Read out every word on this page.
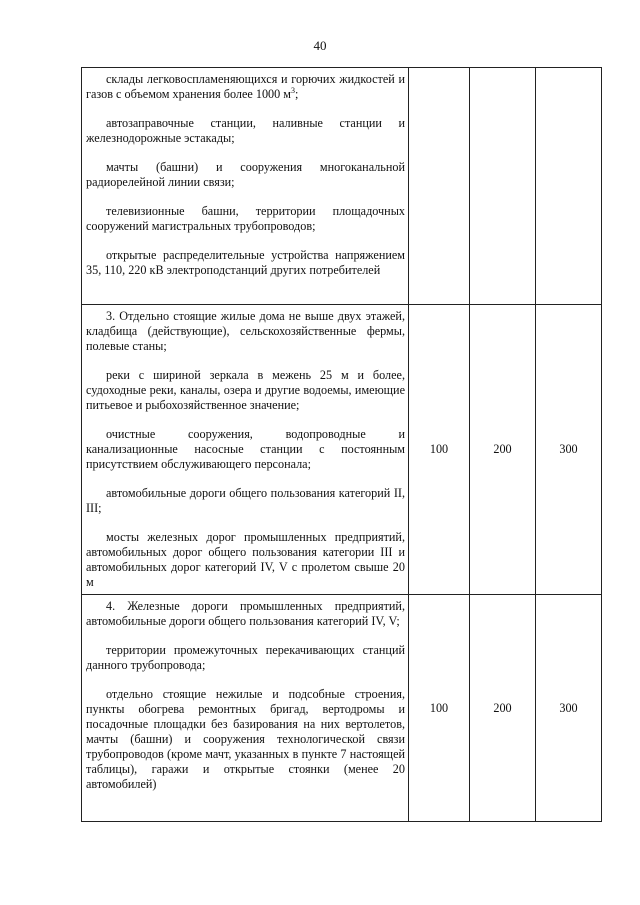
40

склады легковоспламеняющихся и горючих жидкостей и газов с объемом хранения более 1000 $м^3$;

автозаправочные станции, наливные станции и железнодорожные эстакады;

мачты (башни) и сооружения многоканальной радиорелейной линии связи;

телевизионные башни, территории площадочных сооружений магистральных трубопроводов;

открытые распределительные устройства напряжением 35, 110, 220 кВ электроподстанций других потребителей			

3. Отдельно стоящие жилые дома не выше двух этажей, кладбища (действующие), сельскохозяйственные фермы, полевые станы;

реки с шириной зеркала в межень 25 м и более, судоходные реки, каналы, озера и другие водоемы, имеющие питьевое и рыбохозяйственное значение;

очистные сооружения, водопроводные и канализационные насосные станции с постоянным присутствием обслуживающего персонала;

автомобильные дороги общего пользования категорий II, III;

мосты железных дорог промышленных предприятий, автомобильных дорог общего пользования категории III и автомобильных дорог категорий IV, V с пролетом свыше 20 м	100	200	300

4. Железные дороги промышленных предприятий, автомобильные дороги общего пользования категорий IV, V;

территории промежуточных перекачивающих станций данного трубопровода;

отдельно стоящие нежилые и подсобные строения, пункты обогрева ремонтных бригад, вертодромы и посадочные площадки без базирования на них вертолетов, мачты (башни) и сооружения технологической связи трубопроводов (кроме мачт, указанных в пункте 7 настоящей таблицы), гаражи и открытые стоянки (менее 20 автомобилей)	100	200	300
